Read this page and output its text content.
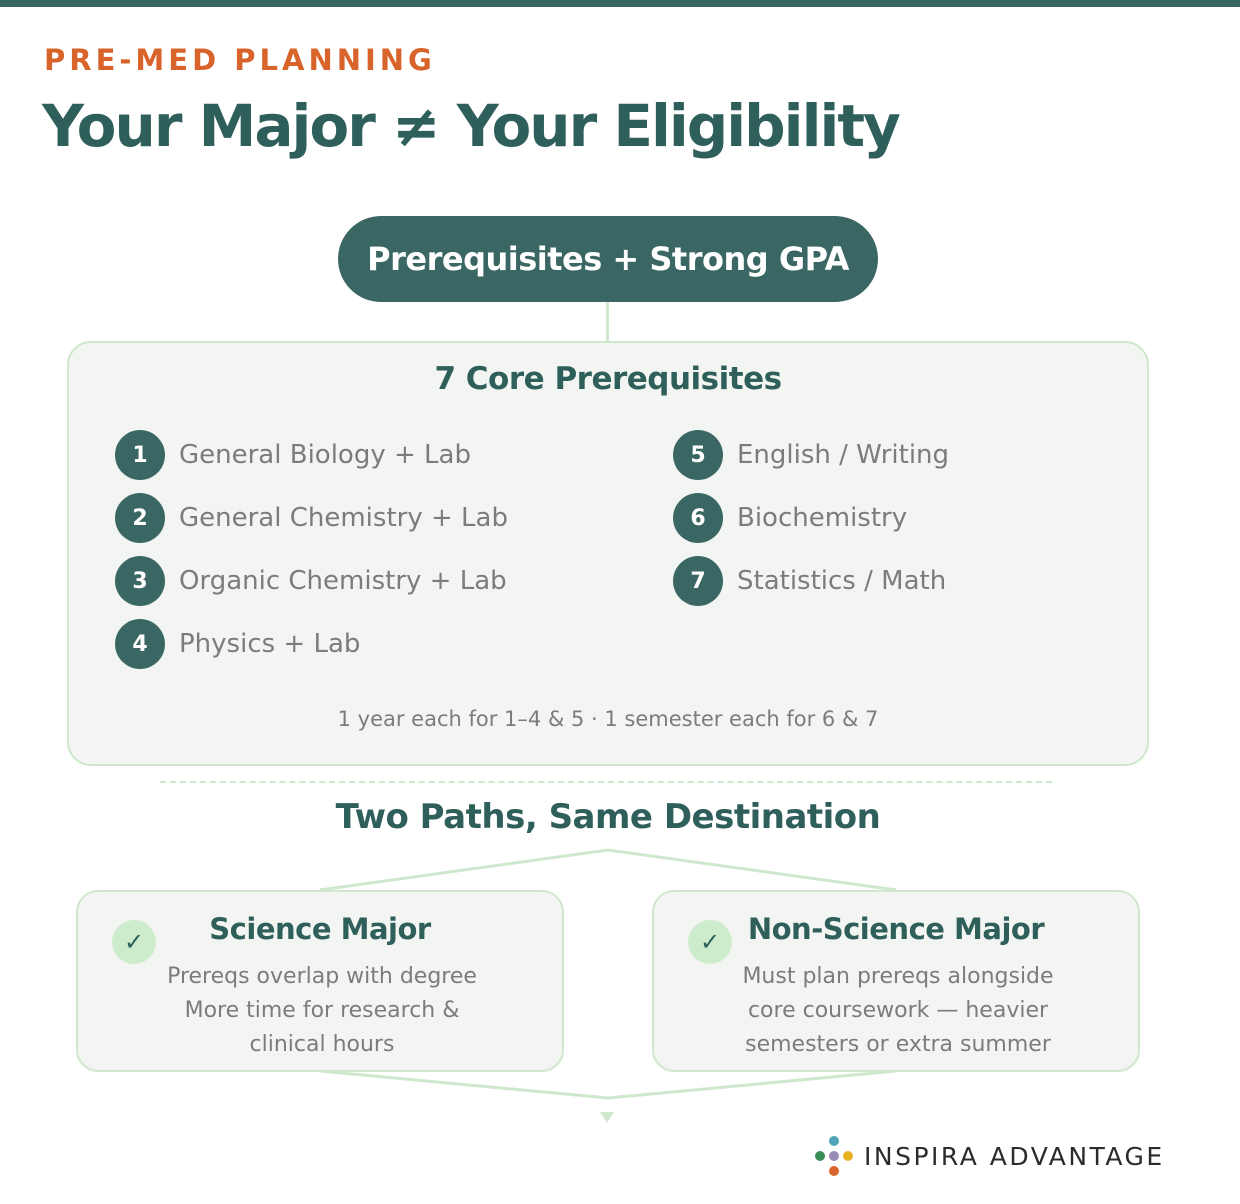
PRE-MED PLANNING
Your Major ≠ Your Eligibility
Prerequisites + Strong GPA
7 Core Prerequisites
1	General Biology + Lab
2	General Chemistry + Lab
3	Organic Chemistry + Lab
4	Physics + Lab
5	English / Writing
6	Biochemistry
7	Statistics / Math
1 year each for 1–4 & 5 · 1 semester each for 6 & 7
Two Paths, Same Destination
✓	Science Major
Prereqs overlap with degree
More time for research &
clinical hours
✓ Non-Science Major
Must plan prereqs alongside
core coursework — heavier
semesters or extra summer
INSPIRA ADVANTAGE
